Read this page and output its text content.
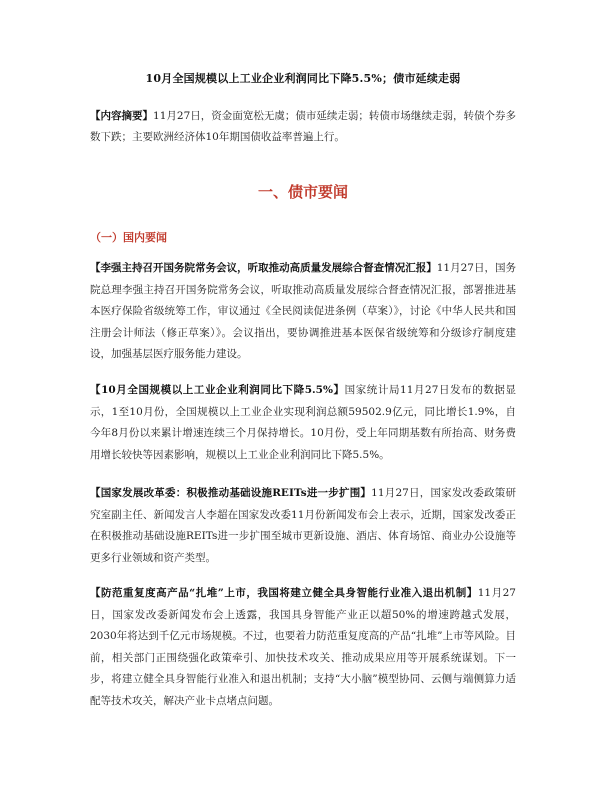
10月全国规模以上工业企业利润同比下降5.5%；债市延续走弱
【内容摘要】11月27日，资金面宽松无虞；债市延续走弱；转债市场继续走弱，转债个券多数下跌；主要欧洲经济体10年期国债收益率普遍上行。
一、债市要闻
（一）国内要闻
【李强主持召开国务院常务会议，听取推动高质量发展综合督查情况汇报】11月27日，国务院总理李强主持召开国务院常务会议，听取推动高质量发展综合督查情况汇报，部署推进基本医疗保险省级统筹工作，审议通过《全民阅读促进条例（草案）》，讨论《中华人民共和国注册会计师法（修正草案）》。会议指出，要协调推进基本医保省级统筹和分级诊疗制度建设，加强基层医疗服务能力建设。
【10月全国规模以上工业企业利润同比下降5.5%】国家统计局11月27日发布的数据显示，1至10月份，全国规模以上工业企业实现利润总额59502.9亿元，同比增长1.9%，自今年8月份以来累计增速连续三个月保持增长。10月份，受上年同期基数有所抬高、财务费用增长较快等因素影响，规模以上工业企业利润同比下降5.5%。
【国家发展改革委：积极推动基础设施REITs进一步扩围】11月27日，国家发改委政策研究室副主任、新闻发言人李超在国家发改委11月份新闻发布会上表示，近期，国家发改委正在积极推动基础设施REITs进一步扩围至城市更新设施、酒店、体育场馆、商业办公设施等更多行业领域和资产类型。
【防范重复度高产品“扎堆”上市，我国将建立健全具身智能行业准入退出机制】11月27日，国家发改委新闻发布会上透露，我国具身智能产业正以超50%的增速跨越式发展，2030年将达到千亿元市场规模。不过，也要着力防范重复度高的产品“扎堆”上市等风险。目前，相关部门正围绕强化政策牵引、加快技术攻关、推动成果应用等开展系统谋划。下一步，将建立健全具身智能行业准入和退出机制；支持“大小脑”模型协同、云侧与端侧算力适配等技术攻关，解决产业卡点堵点问题。
